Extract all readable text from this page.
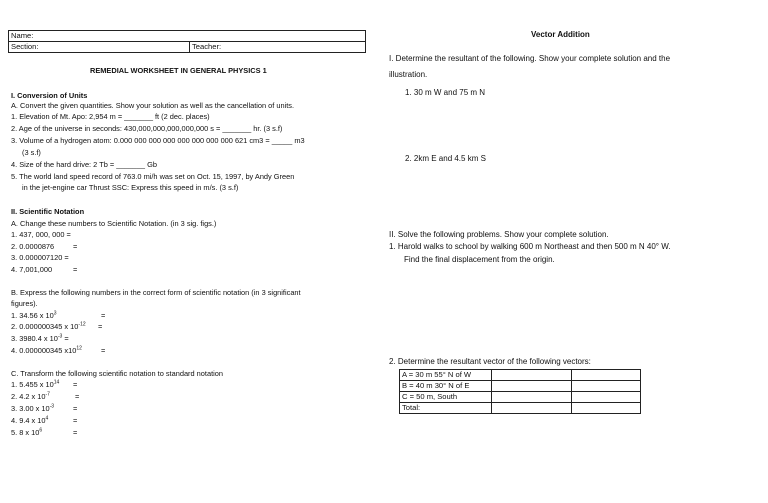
Name:
Section:	Teacher:
REMEDIAL WORKSHEET IN GENERAL PHYSICS 1
I. Conversion of Units
A. Convert the given quantities. Show your solution as well as the cancellation of units.
1. Elevation of Mt. Apo: 2,954 m = _______ ft (2 dec. places)
2. Age of the universe in seconds: 430,000,000,000,000,000 s = _______ hr. (3 s.f)
3. Volume of a hydrogen atom: 0.000 000 000 000 000 000 000 000 621 cm3 = _____ m3
(3 s.f)
4. Size of the hard drive: 2 Tb = _______ Gb
5. The world land speed record of 763.0 mi/h was set on Oct. 15, 1997, by Andy Green
in the jet-engine car Thrust SSC: Express this speed in m/s. (3 s.f)
II. Scientific Notation
A. Change these numbers to Scientific Notation. (in 3 sig. figs.)
1. 437, 000, 000 =
2. 0.0000876	=
3. 0.000007120 =
4. 7,001,000	=
B. Express the following numbers in the correct form of scientific notation (in 3 significant
figures).
1. 34.56 x $10^3$	=
2. 0.000000345 x $10^{-12}$ =
3. 3980.4 x $10^{-3}$ =
4. 0.000000345 $x10^{12}$	=
C. Transform the following scientific notation to standard notation
1. 5.455 x $10^{14}$ =
2. 4.2 x $10^{-7}$	=
3. 3.00 x $10^{-3}$	=
4. 9.4 x $10^4$	=
5. 8 x $10^6$	=
Vector Addition
I. Determine the resultant of the following. Show your complete solution and the
illustration.
1. 30 m W and 75 m N
2. 2km E and 4.5 km S
II. Solve the following problems. Show your complete solution.
1. Harold walks to school by walking 600 m Northeast and then 500 m N 40° W.
Find the final displacement from the origin.
2. Determine the resultant vector of the following vectors:
A = 30 m 55° N of W		
B = 40 m 30° N of E		
C = 50 m, South		
Total:		
